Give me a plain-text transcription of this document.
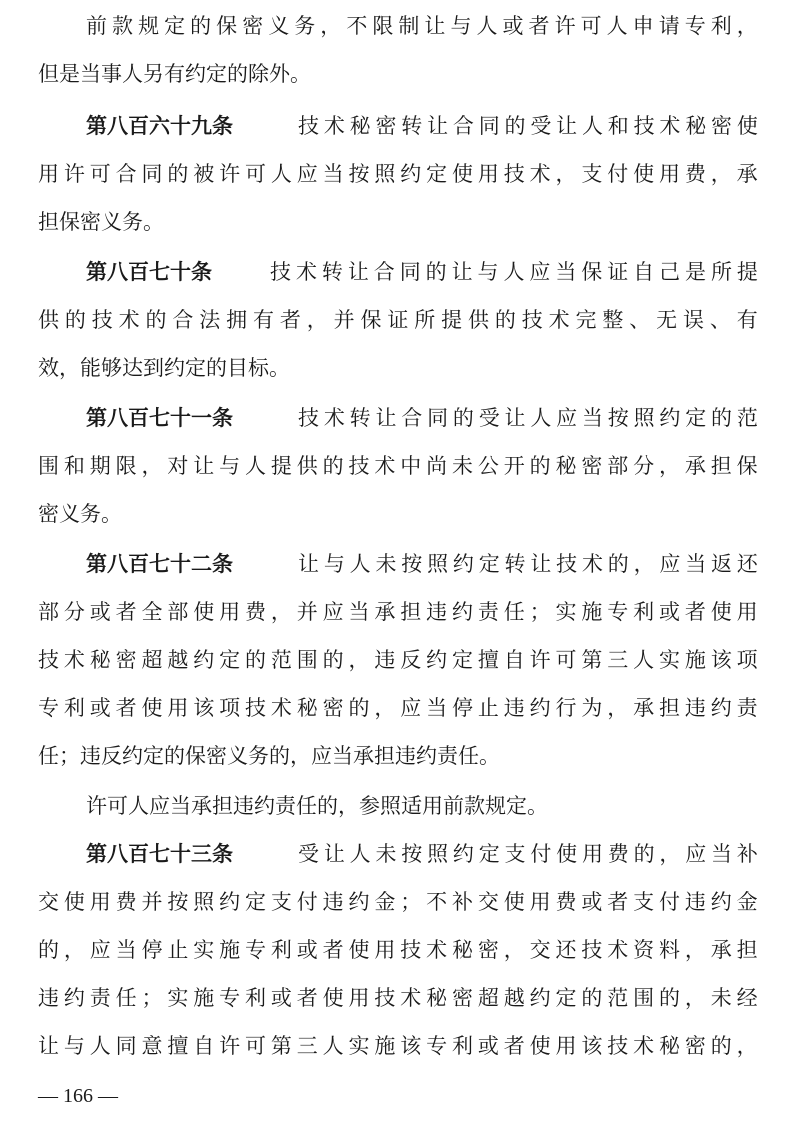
前 款 规 定 的 保 密 义 务 ， 不 限 制 让 与 人 或 者 许 可 人 申 请 专 利 ，
但是当事人另有约定的除外。
第八百六十九条	技 术 秘 密 转 让 合 同 的 受 让 人 和 技 术 秘 密 使
用 许 可 合 同 的 被 许 可 人 应 当 按 照 约 定 使 用 技 术 ， 支 付 使 用 费 ， 承
担保密义务。
第八百七十条	技 术 转 让 合 同 的 让 与 人 应 当 保 证 自 己 是 所 提
供 的 技 术 的 合 法 拥 有 者 ， 并 保 证 所 提 供 的 技 术 完 整 、 无 误 、 有
效，能够达到约定的目标。
第八百七十一条	技 术 转 让 合 同 的 受 让 人 应 当 按 照 约 定 的 范
围 和 期 限 ， 对 让 与 人 提 供 的 技 术 中 尚 未 公 开 的 秘 密 部 分 ， 承 担 保
密义务。
第八百七十二条	让 与 人 未 按 照 约 定 转 让 技 术 的 ， 应 当 返 还
部 分 或 者 全 部 使 用 费 ， 并 应 当 承 担 违 约 责 任 ； 实 施 专 利 或 者 使 用
技 术 秘 密 超 越 约 定 的 范 围 的 ， 违 反 约 定 擅 自 许 可 第 三 人 实 施 该 项
专 利 或 者 使 用 该 项 技 术 秘 密 的 ， 应 当 停 止 违 约 行 为 ， 承 担 违 约 责
任；违反约定的保密义务的，应当承担违约责任。
许可人应当承担违约责任的，参照适用前款规定。
第八百七十三条	受 让 人 未 按 照 约 定 支 付 使 用 费 的 ， 应 当 补
交 使 用 费 并 按 照 约 定 支 付 违 约 金 ； 不 补 交 使 用 费 或 者 支 付 违 约 金
的 ， 应 当 停 止 实 施 专 利 或 者 使 用 技 术 秘 密 ， 交 还 技 术 资 料 ， 承 担
违 约 责 任 ； 实 施 专 利 或 者 使 用 技 术 秘 密 超 越 约 定 的 范 围 的 ， 未 经
让 与 人 同 意 擅 自 许 可 第 三 人 实 施 该 专 利 或 者 使 用 该 技 术 秘 密 的 ，
— 166 —
